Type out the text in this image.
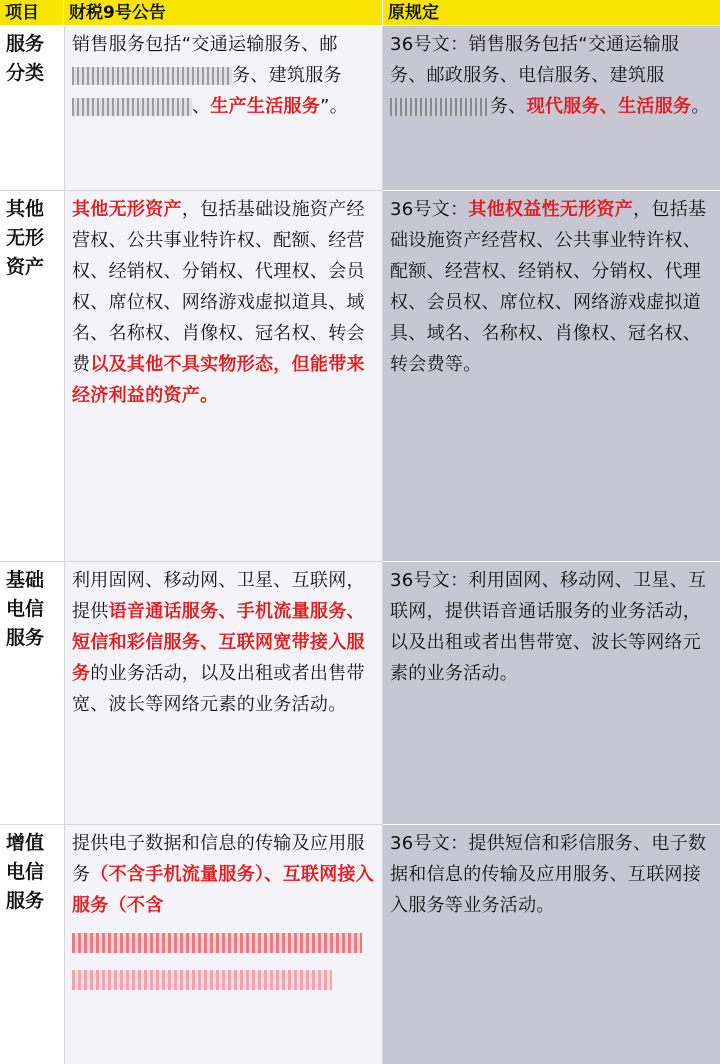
项目	财税9号公告	原规定
服务
分类
销售服务包括“交通运输服务、邮务、建筑服务、生产生活服务”。
36号文：销售服务包括“交通运输服务、邮政服务、电信服务、建筑服务、现代服务、生活服务。
其他
无形
资产
其他无形资产，包括基础设施资产经营权、公共事业特许权、配额、经营权、经销权、分销权、代理权、会员权、席位权、网络游戏虚拟道具、域名、名称权、肖像权、冠名权、转会费以及其他不具实物形态，但能带来经济利益的资产。
36号文：其他权益性无形资产，包括基础设施资产经营权、公共事业特许权、配额、经营权、经销权、分销权、代理权、会员权、席位权、网络游戏虚拟道具、域名、名称权、肖像权、冠名权、转会费等。
基础
电信
服务
利用固网、移动网、卫星、互联网，提供语音通话服务、手机流量服务、短信和彩信服务、互联网宽带接入服务的业务活动，以及出租或者出售带宽、波长等网络元素的业务活动。
36号文：利用固网、移动网、卫星、互联网，提供语音通话服务的业务活动，以及出租或者出售带宽、波长等网络元素的业务活动。
增值
电信
服务
提供电子数据和信息的传输及应用服务（不含手机流量服务）、互联网接入服务（不含
36号文：提供短信和彩信服务、电子数据和信息的传输及应用服务、互联网接入服务等业务活动。
